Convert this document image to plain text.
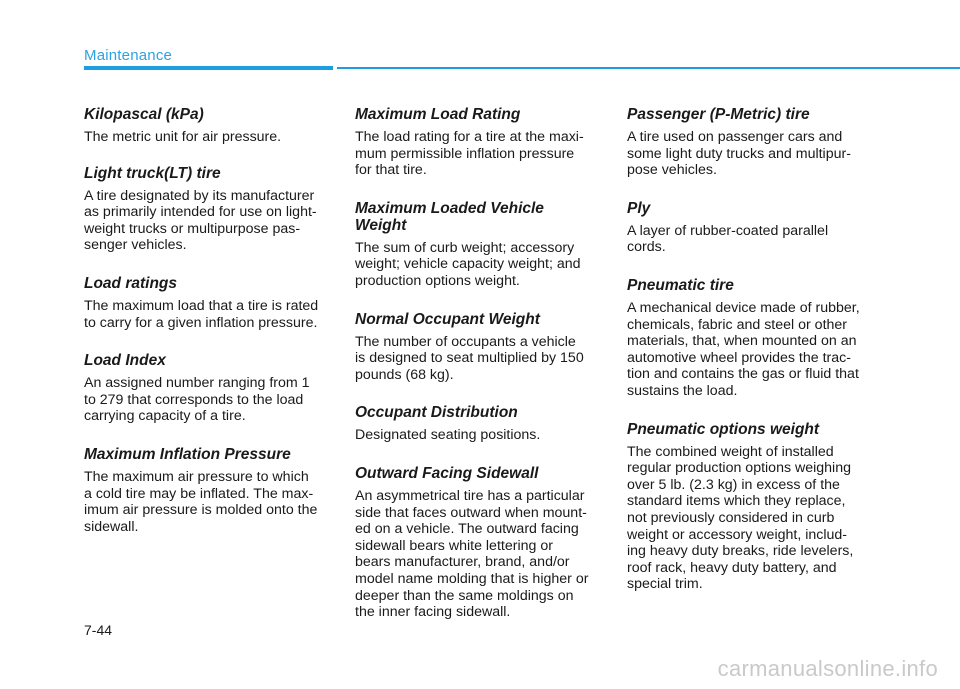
Maintenance
Kilopascal (kPa)

The metric unit for air pressure.

Light truck(LT) tire

A tire designated by its manufacturer
as primarily intended for use on light-
weight trucks or multipurpose pas-
senger vehicles.

Load ratings

The maximum load that a tire is rated
to carry for a given inflation pressure.

Load Index

An assigned number ranging from 1
to 279 that corresponds to the load
carrying capacity of a tire.

Maximum Inflation Pressure

The maximum air pressure to which
a cold tire may be inflated. The max-
imum air pressure is molded onto the
sidewall.

Maximum Load Rating

The load rating for a tire at the maxi-
mum permissible inflation pressure
for that tire.

Maximum Loaded Vehicle
Weight

The sum of curb weight; accessory
weight; vehicle capacity weight; and
production options weight.

Normal Occupant Weight

The number of occupants a vehicle
is designed to seat multiplied by 150
pounds (68 kg).

Occupant Distribution

Designated seating positions.

Outward Facing Sidewall

An asymmetrical tire has a particular
side that faces outward when mount-
ed on a vehicle. The outward facing
sidewall bears white lettering or
bears manufacturer, brand, and/or
model name molding that is higher or
deeper than the same moldings on
the inner facing sidewall.

Passenger (P-Metric) tire

A tire used on passenger cars and
some light duty trucks and multipur-
pose vehicles.

Ply

A layer of rubber-coated parallel
cords.

Pneumatic tire

A mechanical device made of rubber,
chemicals, fabric and steel or other
materials, that, when mounted on an
automotive wheel provides the trac-
tion and contains the gas or fluid that
sustains the load.

Pneumatic options weight

The combined weight of installed
regular production options weighing
over 5 lb. (2.3 kg) in excess of the
standard items which they replace,
not previously considered in curb
weight or accessory weight, includ-
ing heavy duty breaks, ride levelers,
roof rack, heavy duty battery, and
special trim.

7-44
carmanualsonline.info
